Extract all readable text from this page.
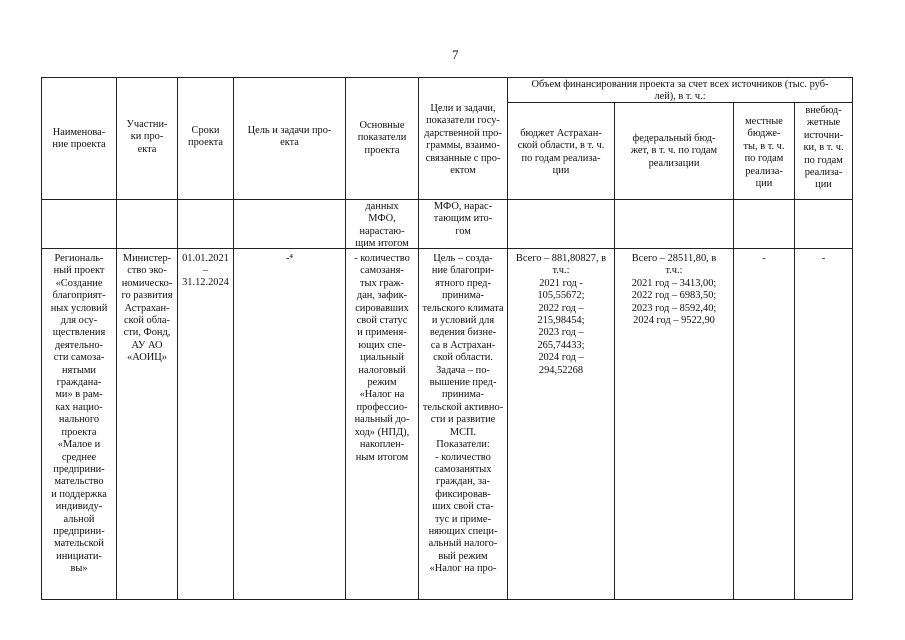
7
Наименова-
ние проекта
Участни-
ки про-
екта
Сроки
проекта
Цель и задачи про-
екта
Основные
показатели
проекта
Цели и задачи,
показатели госу-
дарственной про-
граммы, взаимо-
связанные с про-
ектом
Объем финансирования проекта за счет всех источников (тыс. руб-
лей), в т. ч.:
бюджет Астрахан-
ской области, в т. ч.
по годам реализа-
ции
федеральный бюд-
жет, в т. ч. по годам
реализации
местные
бюдже-
ты, в т. ч.
по годам
реализа-
ции
внебюд-
жетные
источни-
ки, в т. ч.
по годам
реализа-
ции
данных
МФО,
нарастаю-
щим итогом
МФО, нарас-
тающим ито-
гом
Региональ-
ный проект
«Создание
благоприят-
ных условий
для осу-
ществления
деятельно-
сти самоза-
нятыми
гражданa-
ми» в рам-
ках нацио-
нального
проекта
«Малое и
среднее
предприни-
мательство
и поддержка
индивиду-
альной
предприни-
мательской
инициати-
вы»
Министер-
ство эко-
номическо-
го развития
Астрахан-
ской обла-
сти, Фонд,
АУ АО
«АОИЦ»
01.01.2021
–
31.12.2024
-⁴	- количество
самозаня-
тых граж-
дан, зафик-
сировавших
свой статус
и применя-
ющих спе-
циальный
налоговый
режим
«Налог на
профессио-
нальный до-
ход» (НПД),
накоплен-
ным итогом
Цель – созда-
ние благопри-
ятного пред-
принима-
тельского климата
и условий для
ведения бизне-
са в Астрахан-
ской области.
Задача – по-
вышение пред-
принима-
тельской активно-
сти и развитие
МСП.
Показатели:
- количество
самозанятых
граждан, за-
фиксировав-
ших свой ста-
тус и приме-
няющих специ-
альный налого-
вый режим
«Налог на про-
Всего – 881,80827, в
т.ч.:
2021 год -
105,55672;
2022 год –
215,98454;
2023 год –
265,74433;
2024 год –
294,52268
Всего – 28511,80, в
т.ч.:
2021 год – 3413,00;
2022 год – 6983,50;
2023 год – 8592,40;
2024 год – 9522,90
-	-
